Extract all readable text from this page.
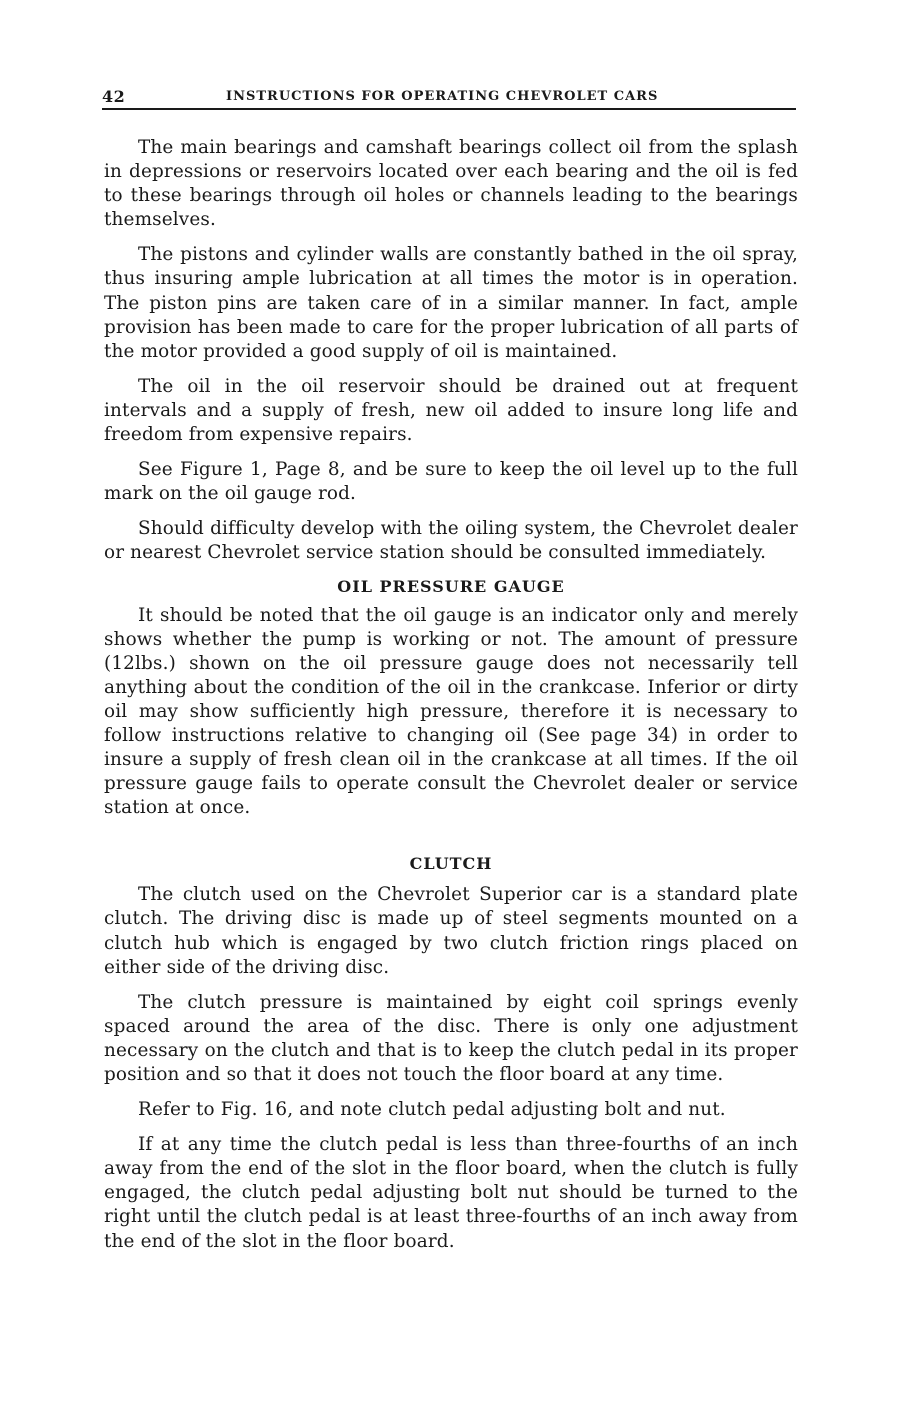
42	INSTRUCTIONS FOR OPERATING CHEVROLET CARS

The main bearings and camshaft bearings collect oil from the splash in depressions or reservoirs located over each bearing and the oil is fed to these bearings through oil holes or channels leading to the bearings themselves.

The pistons and cylinder walls are constantly bathed in the oil spray, thus insuring ample lubrication at all times the motor is in operation. The piston pins are taken care of in a similar manner. In fact, ample provision has been made to care for the proper lubrication of all parts of the motor provided a good supply of oil is maintained.

The oil in the oil reservoir should be drained out at frequent intervals and a supply of fresh, new oil added to insure long life and freedom from expensive repairs.

See Figure 1, Page 8, and be sure to keep the oil level up to the full mark on the oil gauge rod.

Should difficulty develop with the oiling system, the Chevrolet dealer or nearest Chevrolet service station should be consulted immediately.

OIL PRESSURE GAUGE

It should be noted that the oil gauge is an indicator only and merely shows whether the pump is working or not. The amount of pressure (12lbs.) shown on the oil pressure gauge does not necessarily tell anything about the condition of the oil in the crankcase. Inferior or dirty oil may show sufficiently high pressure, therefore it is necessary to follow instructions relative to changing oil (See page 34) in order to insure a supply of fresh clean oil in the crankcase at all times. If the oil pressure gauge fails to operate consult the Chevrolet dealer or service station at once.

CLUTCH

The clutch used on the Chevrolet Superior car is a standard plate clutch. The driving disc is made up of steel segments mounted on a clutch hub which is engaged by two clutch friction rings placed on either side of the driving disc.

The clutch pressure is maintained by eight coil springs evenly spaced around the area of the disc. There is only one adjustment necessary on the clutch and that is to keep the clutch pedal in its proper position and so that it does not touch the floor board at any time.

Refer to Fig. 16, and note clutch pedal adjusting bolt and nut.

If at any time the clutch pedal is less than three-fourths of an inch away from the end of the slot in the floor board, when the clutch is fully engaged, the clutch pedal adjusting bolt nut should be turned to the right until the clutch pedal is at least three-fourths of an inch away from the end of the slot in the floor board.
